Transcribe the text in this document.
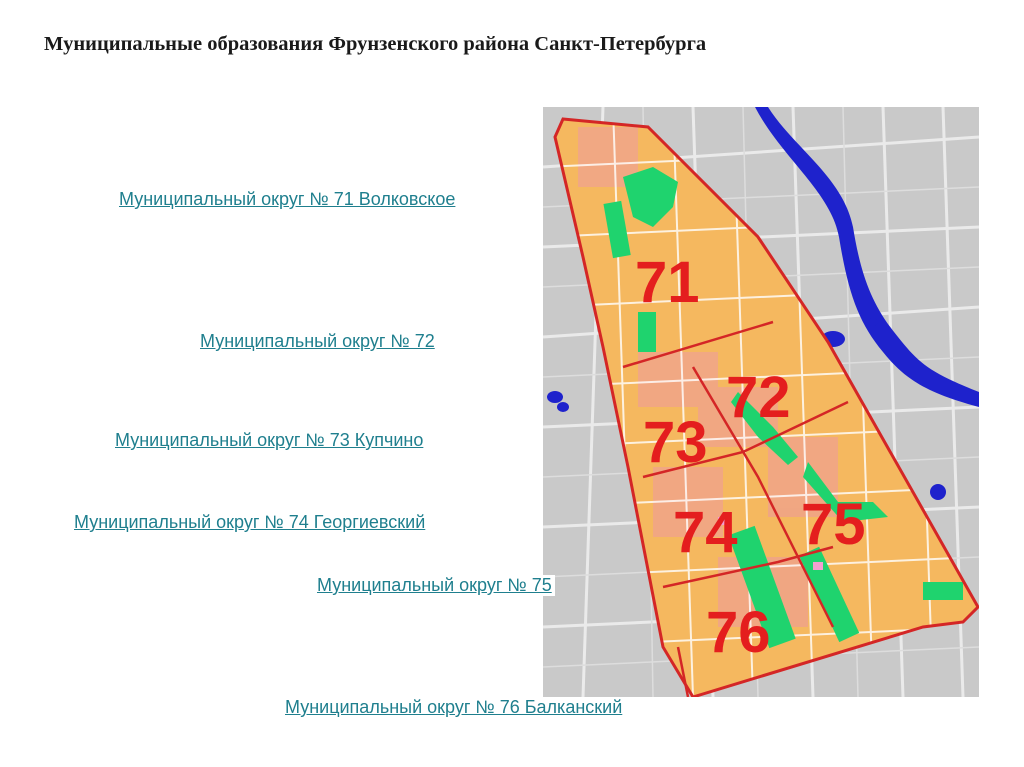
Муниципальные образования Фрунзенского района Санкт-Петербурга
71
72
73
74 75
76
Муниципальный округ № 71 Волковское
Муниципальный округ № 72
Муниципальный округ № 73 Купчино
Муниципальный округ № 74 Георгиевский
Муниципальный округ № 75
Муниципальный округ № 76 Балканский
